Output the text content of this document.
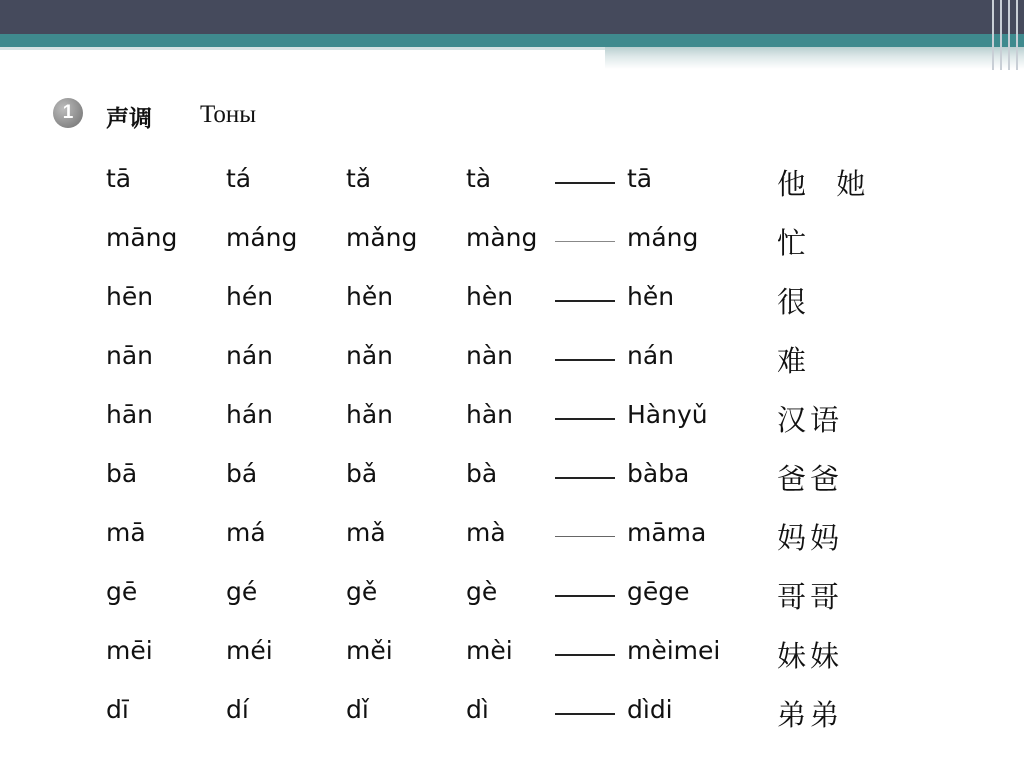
1	声调 Тоны
tā	tá	tǎ	tà	tā	他  她
māng máng mǎng màng	máng	忙
hēn	hén	hěn	hèn	hěn	很
nān	nán	nǎn	nàn	nán	难
hān	hán	hǎn	hàn	Hànyǔ 汉语
bā	bá	bǎ	bà	bàba	爸爸
mā	má	mǎ	mà	māma 妈妈
gē	gé	gě	gè	gēge	哥哥
mēi	méi	měi	mèi	mèimei 妹妹
dī	dí	dǐ	dì	dìdi	弟弟
